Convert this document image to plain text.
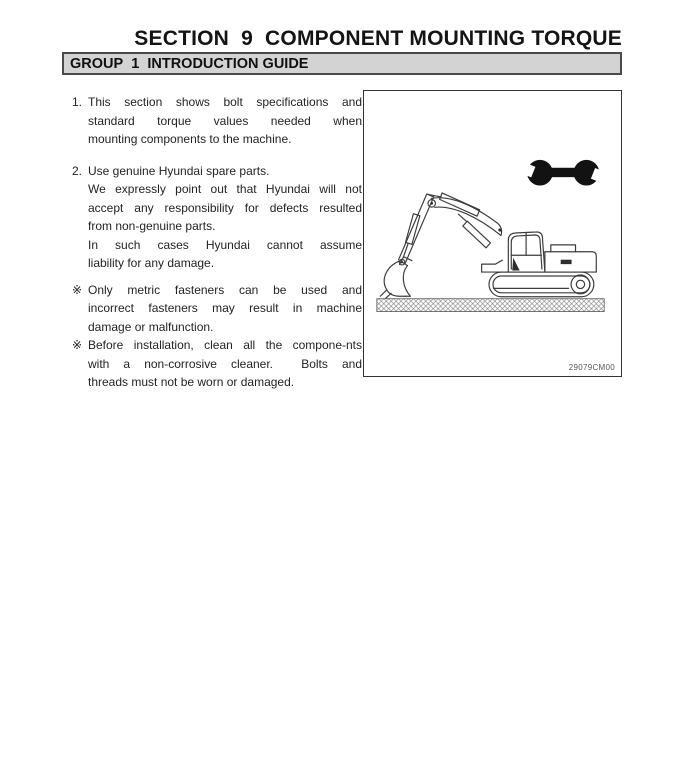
SECTION  9  COMPONENT MOUNTING TORQUE
GROUP  1  INTRODUCTION GUIDE
1. This section shows bolt specifications and
standard torque values needed when
mounting components to the machine.
2. Use genuine Hyundai spare parts.
We expressly point out that Hyundai will not
accept any responsibility for defects resulted
from non-genuine parts.
In such cases Hyundai cannot assume
liability for any damage.
※ Only metric fasteners can be used and
incorrect fasteners may result in machine
damage or malfunction.
※ Before installation, clean all the compone-nts
with a non-corrosive cleaner.  Bolts and
threads must not be worn or damaged.
29079CM00
